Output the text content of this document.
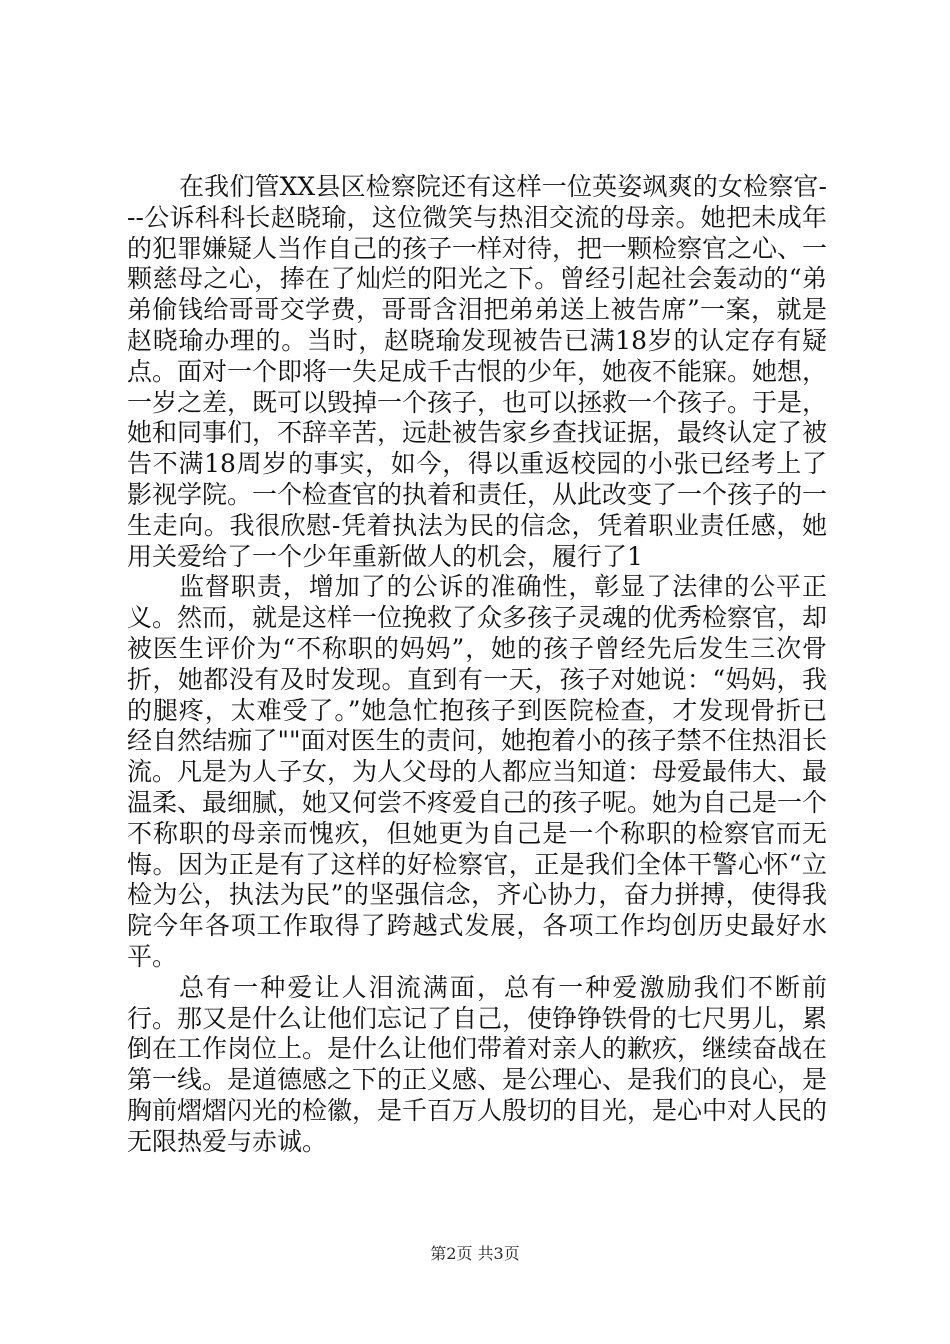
在我们管XX县区检察院还有这样一位英姿飒爽的女检察官---公诉科科长赵晓瑜，这位微笑与热泪交流的母亲。她把未成年的犯罪嫌疑人当作自己的孩子一样对待，把一颗检察官之心、一颗慈母之心，捧在了灿烂的阳光之下。曾经引起社会轰动的“弟弟偷钱给哥哥交学费，哥哥含泪把弟弟送上被告席”一案，就是赵晓瑜办理的。当时，赵晓瑜发现被告已满18岁的认定存有疑点。面对一个即将一失足成千古恨的少年，她夜不能寐。她想，一岁之差，既可以毁掉一个孩子，也可以拯救一个孩子。于是，她和同事们，不辞辛苦，远赴被告家乡查找证据，最终认定了被告不满18周岁的事实，如今，得以重返校园的小张已经考上了影视学院。一个检查官的执着和责任，从此改变了一个孩子的一生走向。我很欣慰-凭着执法为民的信念，凭着职业责任感，她用关爱给了一个少年重新做人的机会，履行了1

监督职责，增加了的公诉的准确性，彰显了法律的公平正义。然而，就是这样一位挽救了众多孩子灵魂的优秀检察官，却被医生评价为“不称职的妈妈”，她的孩子曾经先后发生三次骨折，她都没有及时发现。直到有一天，孩子对她说：“妈妈，我的腿疼，太难受了。”她急忙抱孩子到医院检查，才发现骨折已经自然结痂了""面对医生的责问，她抱着小的孩子禁不住热泪长流。凡是为人子女，为人父母的人都应当知道：母爱最伟大、最温柔、最细腻，她又何尝不疼爱自己的孩子呢。她为自己是一个不称职的母亲而愧疚，但她更为自己是一个称职的检察官而无悔。因为正是有了这样的好检察官，正是我们全体干警心怀“立检为公，执法为民”的坚强信念，齐心协力，奋力拼搏，使得我院今年各项工作取得了跨越式发展，各项工作均创历史最好水平。

总有一种爱让人泪流满面，总有一种爱激励我们不断前行。那又是什么让他们忘记了自己，使铮铮铁骨的七尺男儿，累倒在工作岗位上。是什么让他们带着对亲人的歉疚，继续奋战在第一线。是道德感之下的正义感、是公理心、是我们的良心，是胸前熠熠闪光的检徽，是千百万人殷切的目光，是心中对人民的无限热爱与赤诚。

第2页 共3页
